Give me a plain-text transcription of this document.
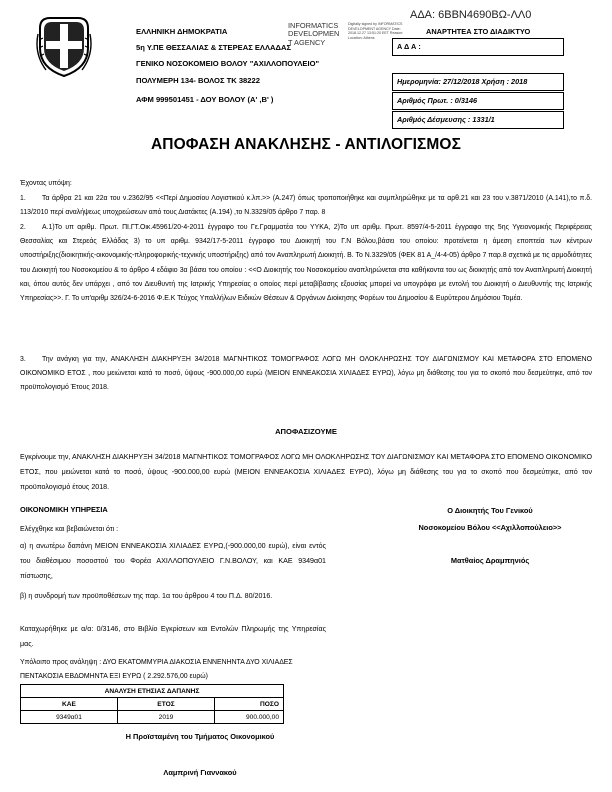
ΑΔΑ: 6ΒΒΝ4690ΒΩ-ΛΛ0
ΕΛΛΗΝΙΚΗ ΔΗΜΟΚΡΑΤΙΑ
5η Υ.ΠΕ ΘΕΣΣΑΛΙΑΣ & ΣΤΕΡΕΑΣ ΕΛΛΑΔΑΣ
ΓΕΝΙΚΟ ΝΟΣΟΚΟΜΕΙΟ ΒΟΛΟΥ "ΑΧΙΛΛΟΠΟΥΛΕΙΟ"
ΠΟΛΥΜΕΡΗ 134- ΒΟΛΟΣ ΤΚ 38222
ΑΦΜ 999501451 - ΔΟΥ ΒΟΛΟΥ (Α' ,Β' )
INFORMATICS
DEVELOPMEN
T AGENCY
Digitally signed by INFORMATICS DEVELOPMENT AGENCY Date: 2018.12.27 13:51:20 EET Reason: Location: Athens
ΑΝΑΡΤΗΤΕΑ ΣΤΟ ΔΙΑΔΙΚΤΥΟ
Α Δ Α :
Ημερομηνία: 27/12/2018 Χρήση : 2018
Αριθμός Πρωτ. : 0/3146
Αριθμός Δέσμευσης : 1331/1
ΑΠΟΦΑΣΗ ΑΝΑΚΛΗΣΗΣ - ΑΝΤΙΛΟΓΙΣΜΟΣ
Έχοντας υπόψη:
1. Τα άρθρα 21 και 22α του ν.2362/95 <<Περί Δημοσίου Λογιστικού κ.λπ.>> (Α.247) όπως τροποποιήθηκε και συμπληρώθηκε με τα αρθ.21 και 23 του ν.3871/2010 (Α.141),το π.δ. 113/2010 περί αναλήψεως υποχρεώσεων από τους Διατάκτες (Α.194) ,το Ν.3329/05 άρθρο 7 παρ. 8
2. Α.1)Το υπ αριθμ. Πρωτ. ΠΙ.ΓΤ.Οικ.45961/20-4-2011 έγγραφο του Γε.Γραμματέα του ΥΥΚΑ, 2)Το υπ αριθμ. Πρωτ. 8597/4-5-2011 έγγραφο της 5ης Υγειονομικής Περιφέρειας Θεσσαλίας και Στερεάς Ελλάδας 3) το υπ αριθμ. 9342/17-5-2011 έγγραφο του Διοικητή του Γ.Ν Βόλου,βάσει του οποίου: προτείνεται η άμεση εποπτεία των κέντρων υποστήριξης(διοικητικής-οικονομικής-πληροφορικής-τεχνικής υποστήριξης) από τον Αναπληρωτή Διοικητή. Β. Το Ν.3329/05 (ΦΕΚ 81 Α_/4-4-05) άρθρο 7 παρ.8 σχετικά με τις αρμοδιότητες του Διοικητή του Νοσοκομείου & το άρθρο 4 εδάφιο 3α βάσει του οποίου : <<Ο Διοικητής του Νοσοκομείου αναπληρώνεται στα καθήκοντα του ως διοικητής από τον Αναπληρωτή Διοικητή και, όπου αυτός δεν υπάρχει , από τον Διευθυντή της Ιατρικής Υπηρεσίας ο οποίος περί μεταβίβασης εξουσίας μπορεί να υπογράφει με εντολή του Διοικητή ο Διευθυντής της Ιατρικής Υπηρεσίας>>. Γ. Το υπ'αριθμ 326/24-6-2016 Φ.Ε.Κ Τεύχος Υπαλλήλων Ειδικών Θέσεων & Οργάνων Διοίκησης Φορέων του Δημοσίου & Ευρύτερου Δημόσιου Τομέα.
3. Την ανάγκη για την, ΑΝΑΚΛΗΣΗ ΔΙΑΚΗΡΥΞΗ 34/2018 ΜΑΓΝΗΤΙΚΟΣ ΤΟΜΟΓΡΑΦΟΣ ΛΟΓΩ ΜΗ ΟΛΟΚΛΗΡΩΣΗΣ ΤΟΥ ΔΙΑΓΩΝΙΣΜΟΥ ΚΑΙ ΜΕΤΑΦΟΡΑ ΣΤΟ ΕΠΟΜΕΝΟ ΟΙΚΟΝΟΜΙΚΟ ΕΤΟΣ , που μειώνεται κατά το ποσό, ύψους -900.000,00 ευρώ (ΜΕΙΟΝ ΕΝΝΕΑΚΟΣΙΑ ΧΙΛΙΑΔΕΣ ΕΥΡΩ), λόγω μη διάθεσης του για το σκοπό που δεσμεύτηκε, από τον προϋπολογισμό Έτους 2018.
ΑΠΟΦΑΣΙΖΟΥΜΕ
Εγκρίνουμε την, ΑΝΑΚΛΗΣΗ ΔΙΑΚΗΡΥΞΗ 34/2018 ΜΑΓΝΗΤΙΚΟΣ ΤΟΜΟΓΡΑΦΟΣ ΛΟΓΩ ΜΗ ΟΛΟΚΛΗΡΩΣΗΣ ΤΟΥ ΔΙΑΓΩΝΙΣΜΟΥ ΚΑΙ ΜΕΤΑΦΟΡΑ ΣΤΟ ΕΠΟΜΕΝΟ ΟΙΚΟΝΟΜΙΚΟ ΕΤΟΣ, που μειώνεται κατά το ποσό, ύψους -900.000,00 ευρώ (ΜΕΙΟΝ ΕΝΝΕΑΚΟΣΙΑ ΧΙΛΙΑΔΕΣ ΕΥΡΩ), λόγω μη διάθεσης του για το σκοπό που δεσμεύτηκε, από τον προϋπολογισμό έτους 2018.
ΟΙΚΟΝΟΜΙΚΗ ΥΠΗΡΕΣΙΑ
Ελέγχθηκε και βεβαιώνεται ότι :
α) η ανωτέρω δαπάνη ΜΕΙΟΝ ΕΝΝΕΑΚΟΣΙΑ ΧΙΛΙΑΔΕΣ ΕΥΡΩ,(-900.000,00 ευρώ), είναι εντός του διαθέσιμου ποσοστού του Φορέα ΑΧΙΛΛΟΠΟΥΛΕΙΟ Γ.Ν.ΒΟΛΟΥ, και ΚΑΕ 9349α01 πίστωσης,
β) η συνδρομή των προϋποθέσεων της παρ. 1α του άρθρου 4 του Π.Δ. 80/2016.
Καταχωρήθηκε με α/α: 0/3146, στο Βιβλίο Εγκρίσεων και Εντολών Πληρωμής της Υπηρεσίας μας.
Υπόλοιπο προς ανάληψη : ΔΥΟ ΕΚΑΤΟΜΜΥΡΙΑ ΔΙΑΚΟΣΙΑ ΕΝΝΕΝΗΝΤΑ ΔΥΟ ΧΙΛΙΑΔΕΣ ΠΕΝΤΑΚΟΣΙΑ ΕΒΔΟΜΗΝΤΑ ΕΞΙ ΕΥΡΩ ( 2.292.576,00 ευρώ)
ΑΝΑΛΥΣΗ ΕΤΗΣΙΑΣ ΔΑΠΑΝΗΣ		
ΚΑΕ	ΕΤΟΣ	ΠΟΣΟ
9349α01	2019	900.000,00
Η Προϊσταμένη του Τμήματος Οικονομικού
Λαμπρινή Γιαννακού
Ο Διοικητής Του Γενικού
Νοσοκομείου Βόλου <<Αχιλλοπούλειο>>
Ματθαίος Δραμπηνιός
